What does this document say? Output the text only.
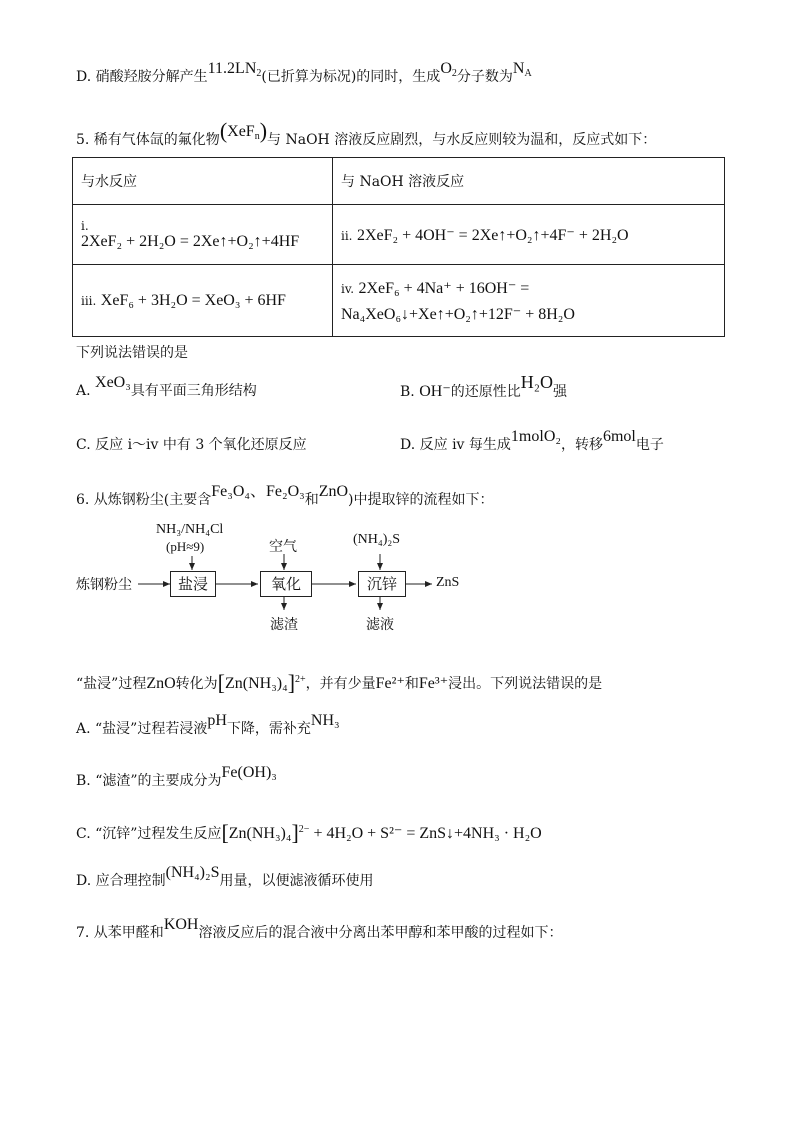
D. 硝酸羟胺分解产生$11.2LN_2$(已折算为标况)的同时，生成$O_2$分子数为$N_A$
5. 稀有气体氙的氟化物(XeF$_n$)与 NaOH 溶液反应剧烈，与水反应则较为温和，反应式如下：
与水反应	与 NaOH 溶液反应

i.
2XeF₂ + 2H₂O = 2Xe↑+O₂↑+4HF	ii. 2XeF₂ + 4OH⁻ = 2Xe↑+O₂↑+4F⁻ + 2H₂O
iii. XeF₆ + 3H₂O = XeO₃ + 6HF	iv. 2XeF₆ + 4Na⁺ + 16OH⁻ =
Na₄XeO₆↓+Xe↑+O₂↑+12F⁻ + 8H₂O
下列说法错误的是
A. XeO₃具有平面三角形结构	B. OH⁻的还原性比H₂O强
C. 反应 i～iv 中有 3 个氧化还原反应	D. 反应 iv 每生成1molO₂，转移6mol电子
6. 从炼钢粉尘(主要含Fe₃O₄、Fe₂O₃和ZnO)中提取锌的流程如下：
炼钢粉尘	盐浸
NH₃/NH₄Cl
(pH≈9)
氧化
空气
滤渣
沉锌
(NH₄)₂S
滤液
ZnS
“盐浸”过程ZnO转化为$[Zn(NH_3)_4]^{2+}$，并有少量Fe²⁺和Fe³⁺浸出。下列说法错误的是
A. “盐浸”过程若浸液pH下降，需补充NH₃
B. “滤渣”的主要成分为Fe(OH)₃
C. “沉锌”过程发生反应$[Zn(NH_3)_4]^{2-} + 4H_2O + S^{2-}$ = ZnS↓+4NH₃ · H₂O
D. 应合理控制(NH₄)₂S用量，以便滤液循环使用
7. 从苯甲醛和KOH溶液反应后的混合液中分离出苯甲醇和苯甲酸的过程如下：
